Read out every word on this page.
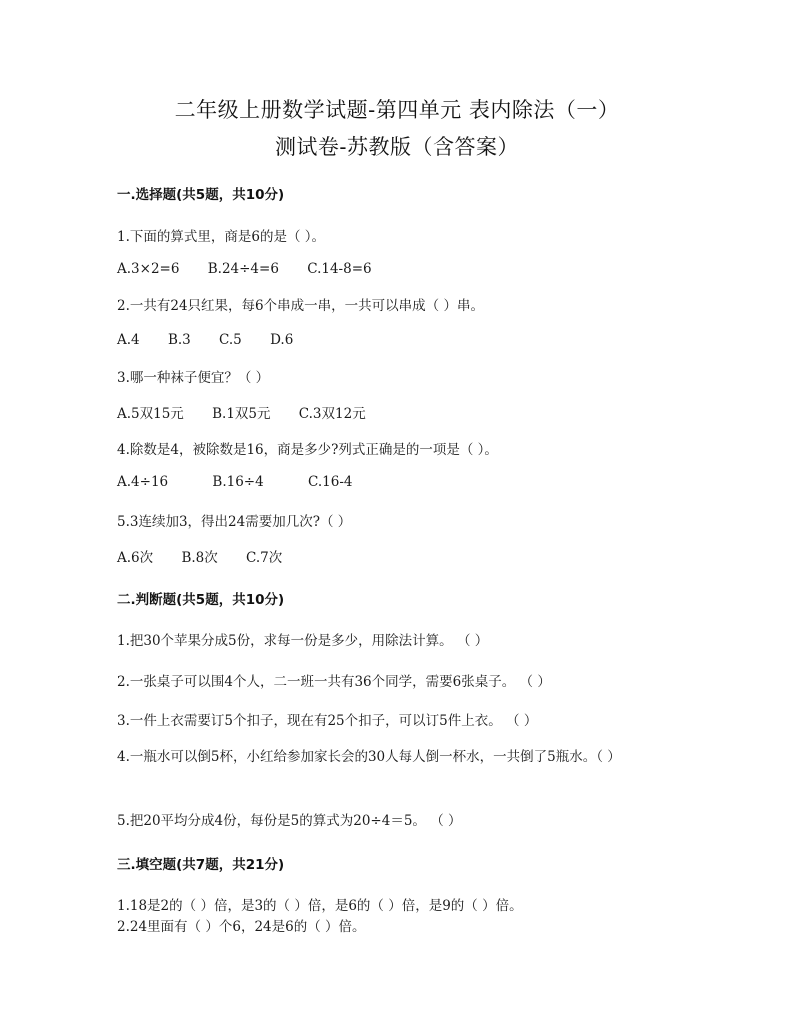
二年级上册数学试题-第四单元 表内除法（一）
测试卷-苏教版（含答案）
一.选择题(共5题，共10分)
1.下面的算式里，商是6的是（ ）。
A.3×2=6 B.24÷4=6 C.14-8=6
2.一共有24只红果，每6个串成一串，一共可以串成（ ）串。
A.4 B.3 C.5 D.6
3.哪一种袜子便宜？（ ）
A.5双15元 B.1双5元 C.3双12元
4.除数是4，被除数是16，商是多少?列式正确是的一项是（ ）。
A.4÷16	B.16÷4	C.16-4
5.3连续加3，得出24需要加几次?（ ）
A.6次 B.8次 C.7次
二.判断题(共5题，共10分)
1.把30个苹果分成5份，求每一份是多少，用除法计算。 （ ）
2.一张桌子可以围4个人，二一班一共有36个同学，需要6张桌子。 （ ）
3.一件上衣需要订5个扣子，现在有25个扣子，可以订5件上衣。 （ ）
4.一瓶水可以倒5杯，小红给参加家长会的30人每人倒一杯水，一共倒了5瓶水。（ ）
5.把20平均分成4份，每份是5的算式为20÷4＝5。 （ ）
三.填空题(共7题，共21分)
1.18是2的（ ）倍，是3的（ ）倍，是6的（ ）倍，是9的（ ）倍。
2.24里面有（ ）个6，24是6的（ ）倍。
